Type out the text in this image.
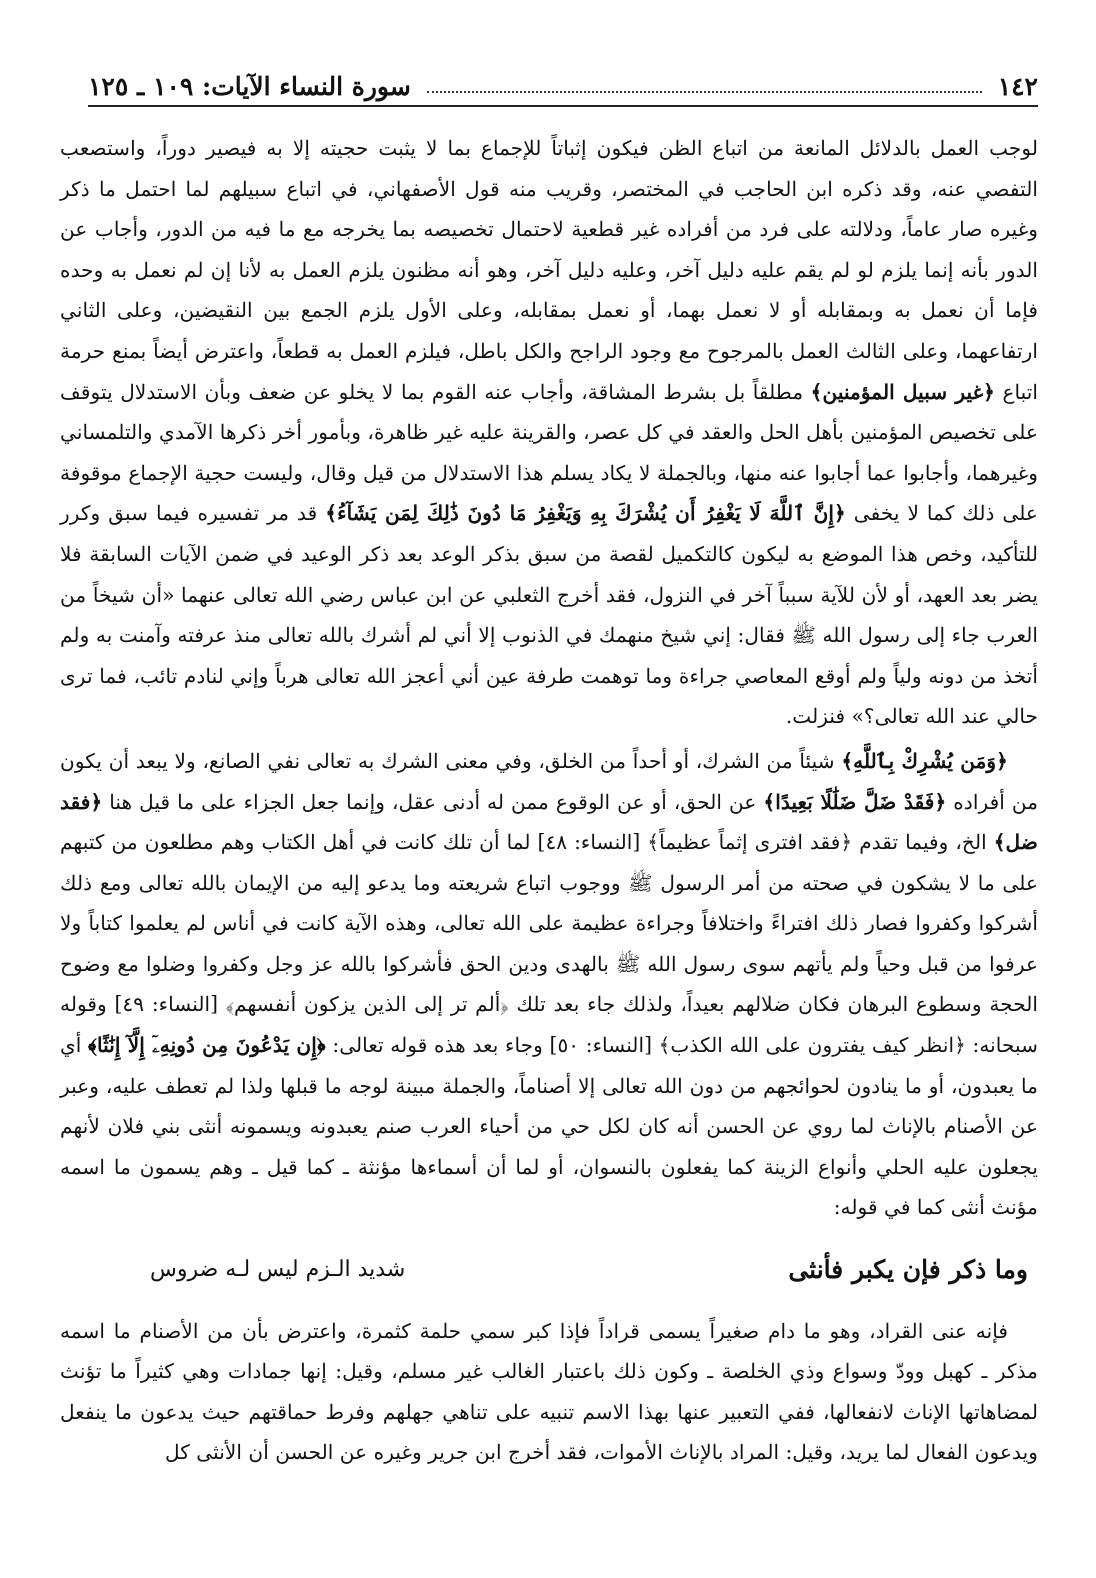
١٤٢
سورة النساء الآيات: ١٠٩ ـ ١٢٥

لوجب العمل بالدلائل المانعة من اتباع الظن فيكون إثباتاً للإجماع بما لا يثبت حجيته إلا به فيصير دوراً، واستصعب التفصي عنه، وقد ذكره ابن الحاجب في المختصر، وقريب منه قول الأصفهاني، في اتباع سبيلهم لما احتمل ما ذكر وغيره صار عاماً، ودلالته على فرد من أفراده غير قطعية لاحتمال تخصيصه بما يخرجه مع ما فيه من الدور، وأجاب عن الدور بأنه إنما يلزم لو لم يقم عليه دليل آخر، وعليه دليل آخر، وهو أنه مظنون يلزم العمل به لأنا إن لم نعمل به وحده فإما أن نعمل به وبمقابله أو لا نعمل بهما، أو نعمل بمقابله، وعلى الأول يلزم الجمع بين النقيضين، وعلى الثاني ارتفاعهما، وعلى الثالث العمل بالمرجوح مع وجود الراجح والكل باطل، فيلزم العمل به قطعاً، واعترض أيضاً بمنع حرمة اتباع ﴿غير سبيل المؤمنين﴾ مطلقاً بل بشرط المشاقة، وأجاب عنه القوم بما لا يخلو عن ضعف وبأن الاستدلال يتوقف على تخصيص المؤمنين بأهل الحل والعقد في كل عصر، والقرينة عليه غير ظاهرة، وبأمور أخر ذكرها الآمدي والتلمساني وغيرهما، وأجابوا عما أجابوا عنه منها، وبالجملة لا يكاد يسلم هذا الاستدلال من قيل وقال، وليست حجية الإجماع موقوفة على ذلك كما لا يخفى ﴿إِنَّ ٱللَّهَ لَا يَغْفِرُ أَن يُشْرَكَ بِهِ وَيَغْفِرُ مَا دُونَ ذَٰلِكَ لِمَن يَشَآءُ﴾ قد مر تفسيره فيما سبق وكرر للتأكيد، وخص هذا الموضع به ليكون كالتكميل لقصة من سبق بذكر الوعد بعد ذكر الوعيد في ضمن الآيات السابقة فلا يضر بعد العهد، أو لأن للآية سبباً آخر في النزول، فقد أخرج الثعلبي عن ابن عباس رضي الله تعالى عنهما «أن شيخاً من العرب جاء إلى رسول الله ﷺ فقال: إني شيخ منهمك في الذنوب إلا أني لم أشرك بالله تعالى منذ عرفته وآمنت به ولم أتخذ من دونه ولياً ولم أوقع المعاصي جراءة وما توهمت طرفة عين أني أعجز الله تعالى هرباً وإني لنادم تائب، فما ترى حالي عند الله تعالى؟» فنزلت.

﴿وَمَن يُشْرِكْ بِٱللَّهِ﴾ شيئاً من الشرك، أو أحداً من الخلق، وفي معنى الشرك به تعالى نفي الصانع، ولا يبعد أن يكون من أفراده ﴿فَقَدْ ضَلَّ ضَلَٰلًا بَعِيدًا﴾ عن الحق، أو عن الوقوع ممن له أدنى عقل، وإنما جعل الجزاء على ما قيل هنا ﴿فقد ضل﴾ الخ، وفيما تقدم ﴿فقد افترى إثماً عظيماً﴾ [النساء: ٤٨] لما أن تلك كانت في أهل الكتاب وهم مطلعون من كتبهم على ما لا يشكون في صحته من أمر الرسول ﷺ ووجوب اتباع شريعته وما يدعو إليه من الإيمان بالله تعالى ومع ذلك أشركوا وكفروا فصار ذلك افتراءً واختلافاً وجراءة عظيمة على الله تعالى، وهذه الآية كانت في أناس لم يعلموا كتاباً ولا عرفوا من قبل وحياً ولم يأتهم سوى رسول الله ﷺ بالهدى ودين الحق فأشركوا بالله عز وجل وكفروا وضلوا مع وضوح الحجة وسطوع البرهان فكان ضلالهم بعيداً، ولذلك جاء بعد تلك ﴿ألم تر إلى الذين يزكون أنفسهم﴾ [النساء: ٤٩] وقوله سبحانه: ﴿انظر كيف يفترون على الله الكذب﴾ [النساء: ٥٠] وجاء بعد هذه قوله تعالى: ﴿إِن يَدْعُونَ مِن دُونِهِۦٓ إِلَّآ إِنَٰثًا﴾ أي ما يعبدون، أو ما ينادون لحوائجهم من دون الله تعالى إلا أصناماً، والجملة مبينة لوجه ما قبلها ولذا لم تعطف عليه، وعبر عن الأصنام بالإناث لما روي عن الحسن أنه كان لكل حي من أحياء العرب صنم يعبدونه ويسمونه أنثى بني فلان لأنهم يجعلون عليه الحلي وأنواع الزينة كما يفعلون بالنسوان، أو لما أن أسماءها مؤنثة ـ كما قيل ـ وهم يسمون ما اسمه مؤنث أنثى كما في قوله:

وما ذكر فإن يكبر فأنثى
شديد الـزم ليس لـه ضروس

فإنه عنى القراد، وهو ما دام صغيراً يسمى قراداً فإذا كبر سمي حلمة كثمرة، واعترض بأن من الأصنام ما اسمه مذكر ـ كهبل وودّ وسواع وذي الخلصة ـ وكون ذلك باعتبار الغالب غير مسلم، وقيل: إنها جمادات وهي كثيراً ما تؤنث لمضاهاتها الإناث لانفعالها، ففي التعبير عنها بهذا الاسم تنبيه على تناهي جهلهم وفرط حماقتهم حيث يدعون ما ينفعل ويدعون الفعال لما يريد، وقيل: المراد بالإناث الأموات، فقد أخرج ابن جرير وغيره عن الحسن أن الأنثى كل
